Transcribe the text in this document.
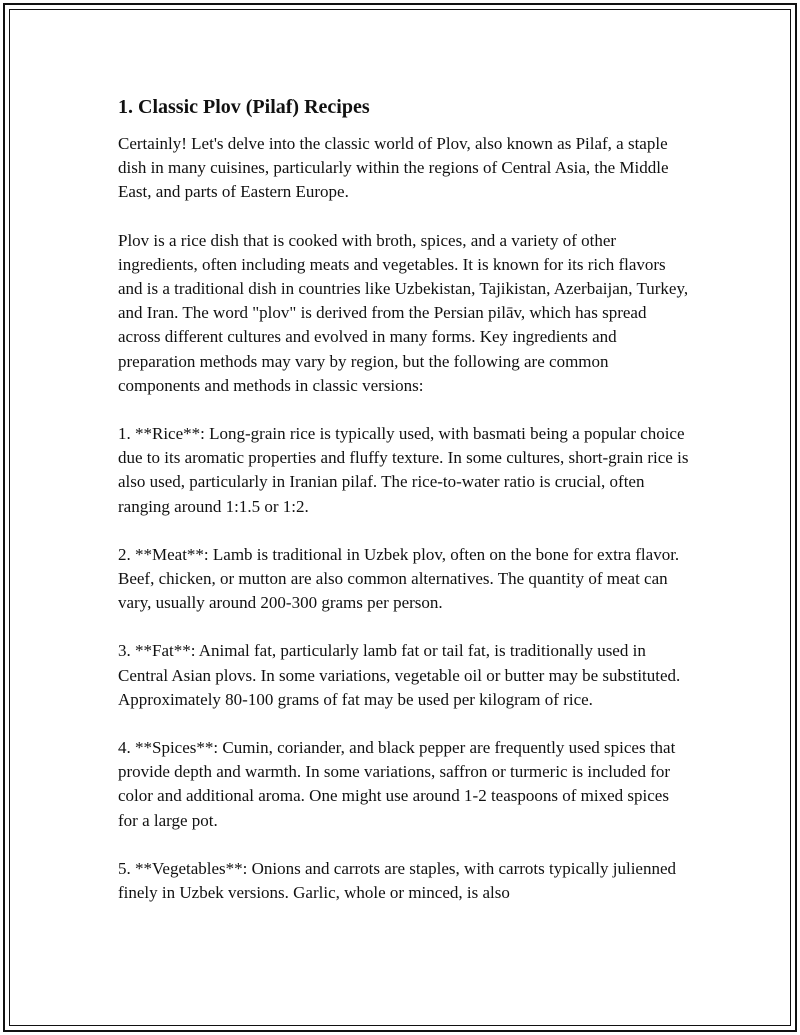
1. Classic Plov (Pilaf) Recipes

Certainly! Let's delve into the classic world of Plov, also known as Pilaf, a staple dish in many cuisines, particularly within the regions of Central Asia, the Middle East, and parts of Eastern Europe.

Plov is a rice dish that is cooked with broth, spices, and a variety of other ingredients, often including meats and vegetables. It is known for its rich flavors and is a traditional dish in countries like Uzbekistan, Tajikistan, Azerbaijan, Turkey, and Iran. The word "plov" is derived from the Persian pilāv, which has spread across different cultures and evolved in many forms. Key ingredients and preparation methods may vary by region, but the following are common components and methods in classic versions:

1. **Rice**: Long-grain rice is typically used, with basmati being a popular choice due to its aromatic properties and fluffy texture. In some cultures, short-grain rice is also used, particularly in Iranian pilaf. The rice-to-water ratio is crucial, often ranging around 1:1.5 or 1:2.

2. **Meat**: Lamb is traditional in Uzbek plov, often on the bone for extra flavor. Beef, chicken, or mutton are also common alternatives. The quantity of meat can vary, usually around 200-300 grams per person.

3. **Fat**: Animal fat, particularly lamb fat or tail fat, is traditionally used in Central Asian plovs. In some variations, vegetable oil or butter may be substituted. Approximately 80-100 grams of fat may be used per kilogram of rice.

4. **Spices**: Cumin, coriander, and black pepper are frequently used spices that provide depth and warmth. In some variations, saffron or turmeric is included for color and additional aroma. One might use around 1-2 teaspoons of mixed spices for a large pot.

5. **Vegetables**: Onions and carrots are staples, with carrots typically julienned finely in Uzbek versions. Garlic, whole or minced, is also
